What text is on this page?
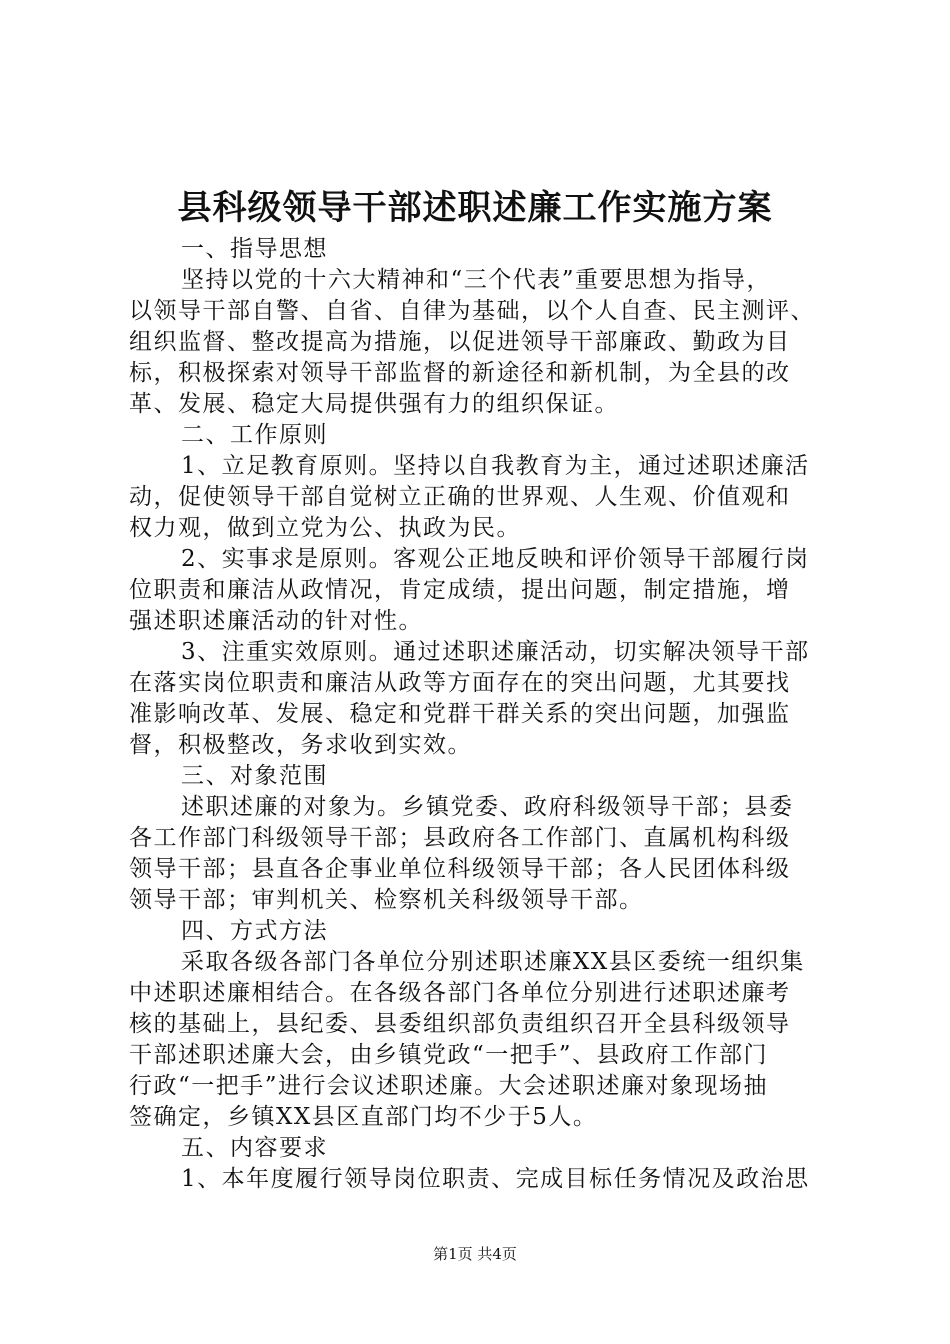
县科级领导干部述职述廉工作实施方案
一、指导思想
坚持以党的十六大精神和“三个代表”重要思想为指导，
以领导干部自警、自省、自律为基础，以个人自查、民主测评、
组织监督、整改提高为措施，以促进领导干部廉政、勤政为目
标，积极探索对领导干部监督的新途径和新机制，为全县的改
革、发展、稳定大局提供强有力的组织保证。
二、工作原则
1、立足教育原则。坚持以自我教育为主，通过述职述廉活
动，促使领导干部自觉树立正确的世界观、人生观、价值观和
权力观，做到立党为公、执政为民。
2、实事求是原则。客观公正地反映和评价领导干部履行岗
位职责和廉洁从政情况，肯定成绩，提出问题，制定措施，增
强述职述廉活动的针对性。
3、注重实效原则。通过述职述廉活动，切实解决领导干部
在落实岗位职责和廉洁从政等方面存在的突出问题，尤其要找
准影响改革、发展、稳定和党群干群关系的突出问题，加强监
督，积极整改，务求收到实效。
三、对象范围
述职述廉的对象为。乡镇党委、政府科级领导干部；县委
各工作部门科级领导干部；县政府各工作部门、直属机构科级
领导干部；县直各企事业单位科级领导干部；各人民团体科级
领导干部；审判机关、检察机关科级领导干部。
四、方式方法
采取各级各部门各单位分别述职述廉XX县区委统一组织集
中述职述廉相结合。在各级各部门各单位分别进行述职述廉考
核的基础上，县纪委、县委组织部负责组织召开全县科级领导
干部述职述廉大会，由乡镇党政“一把手”、县政府工作部门
行政“一把手”进行会议述职述廉。大会述职述廉对象现场抽
签确定，乡镇XX县区直部门均不少于5人。
五、内容要求
1、本年度履行领导岗位职责、完成目标任务情况及政治思
第1页 共4页
